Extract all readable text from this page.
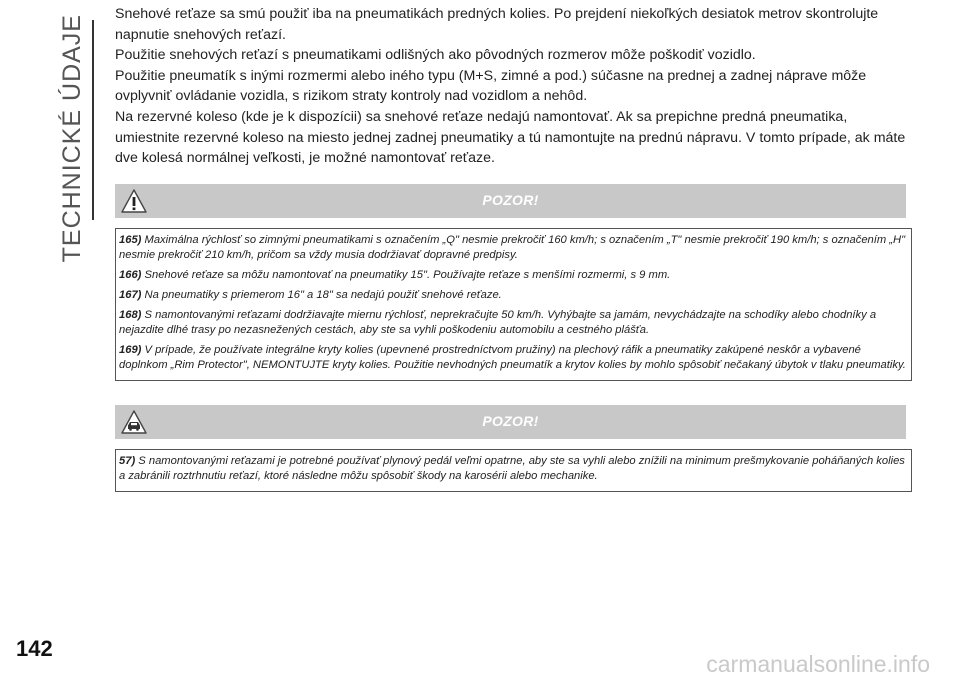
TECHNICKÉ ÚDAJE Snehové reťaze sa smú použiť iba na pneumatikách predných kolies. Po prejdení niekoľkých desiatok metrov skontrolujte napnutie snehových reťazí.

Použitie snehových reťazí s pneumatikami odlišných ako pôvodných rozmerov môže poškodiť vozidlo.

Použitie pneumatík s inými rozmermi alebo iného typu (M+S, zimné a pod.) súčasne na prednej a zadnej náprave môže ovplyvniť ovládanie vozidla, s rizikom straty kontroly nad vozidlom a nehôd.

Na rezervné koleso (kde je k dispozícii) sa snehové reťaze nedajú namontovať. Ak sa prepichne predná pneumatika, umiestnite rezervné koleso na miesto jednej zadnej pneumatiky a tú namontujte na prednú nápravu. V tomto prípade, ak máte dve kolesá normálnej veľkosti, je možné namontovať reťaze.

POZOR!

165) Maximálna rýchlosť so zimnými pneumatikami s označením „Q" nesmie prekročiť 160 km/h; s označením „T" nesmie prekročiť 190 km/h; s označením „H" nesmie prekročiť 210 km/h, pričom sa vždy musia dodržiavať dopravné predpisy.

166) Snehové reťaze sa môžu namontovať na pneumatiky 15". Používajte reťaze s menšími rozmermi, s 9 mm.

167) Na pneumatiky s priemerom 16" a 18" sa nedajú použiť snehové reťaze.

168) S namontovanými reťazami dodržiavajte miernu rýchlosť, neprekračujte 50 km/h. Vyhýbajte sa jamám, nevychádzajte na schodíky alebo chodníky a nejazdite dlhé trasy po nezasnežených cestách, aby ste sa vyhli poškodeniu automobilu a cestného plášťa.

169) V prípade, že používate integrálne kryty kolies (upevnené prostredníctvom pružiny) na plechový ráfik a pneumatiky zakúpené neskôr a vybavené doplnkom „Rim Protector", NEMONTUJTE kryty kolies. Použitie nevhodných pneumatík a krytov kolies by mohlo spôsobiť nečakaný úbytok v tlaku pneumatiky.

POZOR!

57) S namontovanými reťazami je potrebné používať plynový pedál veľmi opatrne, aby ste sa vyhli alebo znížili na minimum prešmykovanie poháňaných kolies a zabránili roztrhnutiu reťazí, ktoré následne môžu spôsobiť škody na karosérii alebo mechanike.

142
carmanualsonline.info
